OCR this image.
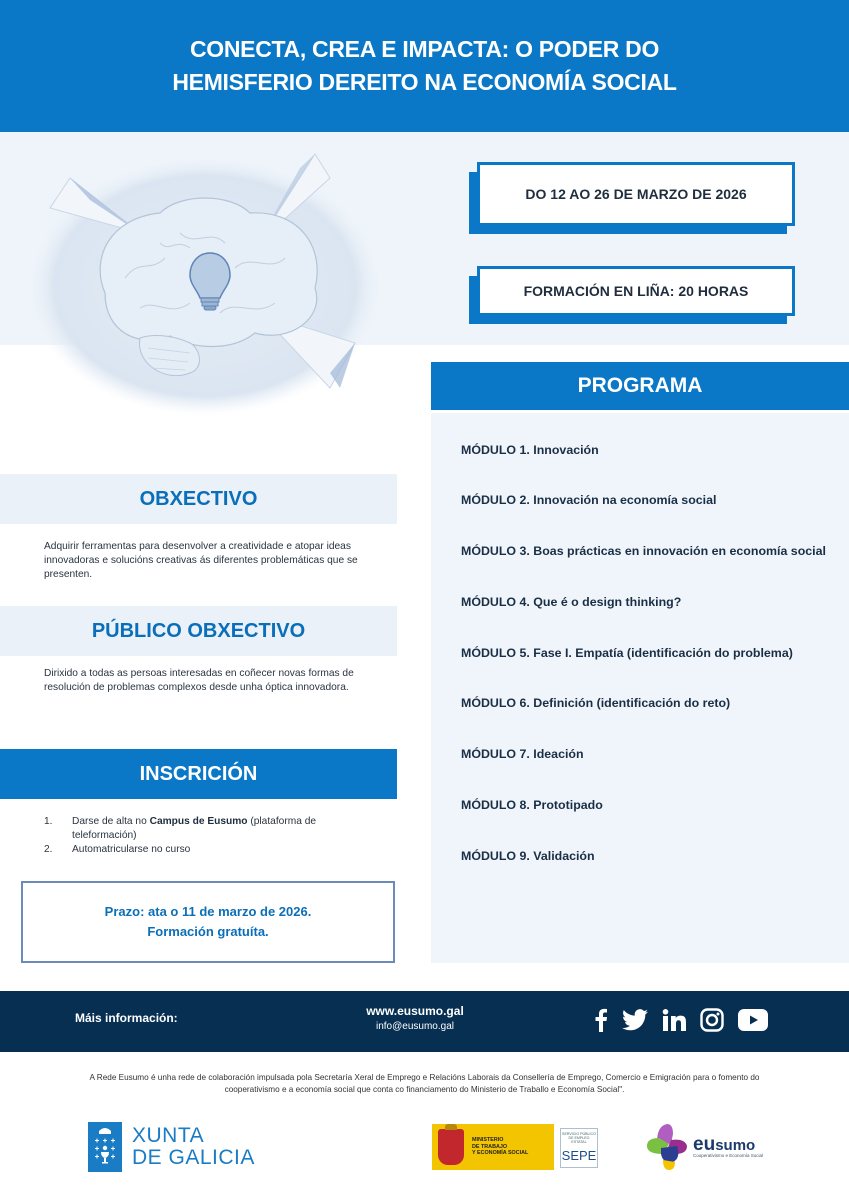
CONECTA, CREA E IMPACTA: O PODER DO
HEMISFERIO DEREITO NA ECONOMÍA SOCIAL
DO 12 AO 26 DE MARZO DE 2026
FORMACIÓN EN LIÑA: 20 HORAS
PROGRAMA
MÓDULO 1. Innovación
MÓDULO 2. Innovación na economía social
MÓDULO 3. Boas prácticas en innovación en economía social
MÓDULO 4. Que é o design thinking?
MÓDULO 5. Fase I. Empatía (identificación do problema)
MÓDULO 6. Definición (identificación do reto)
MÓDULO 7. Ideación
MÓDULO 8. Prototipado
MÓDULO 9. Validación
OBXECTIVO
Adquirir ferramentas para desenvolver a creatividade e atopar ideas
innovadoras e solucións creativas ás diferentes problemáticas que se
presenten.
PÚBLICO OBXECTIVO
Dirixido a todas as persoas interesadas en coñecer novas formas de
resolución de problemas complexos desde unha óptica innovadora.
INSCRICIÓN
1.	Darse de alta no Campus de Eusumo (plataforma de
teleformación)
2.	Automatricularse no curso
Prazo: ata o 11 de marzo de 2026.
Formación gratuíta.
Máis información:	www.eusumo.gal
info@eusumo.gal
A Rede Eusumo é unha rede de colaboración impulsada pola Secretaría Xeral de Emprego e Relacións Laborais da Consellería de Emprego, Comercio e Emigración para o fomento do
cooperativismo e a economía social que conta co financiamento do Ministerio de Traballo e Economía Social".
XUNTA
DE GALICIA
MINISTERIO
DE TRABAJO
Y ECONOMÍA SOCIAL
SERVICIO PÚBLICO
DE EMPLEO ESTATAL
SEPE
eusumo
Cooperativismo e Economía Social
